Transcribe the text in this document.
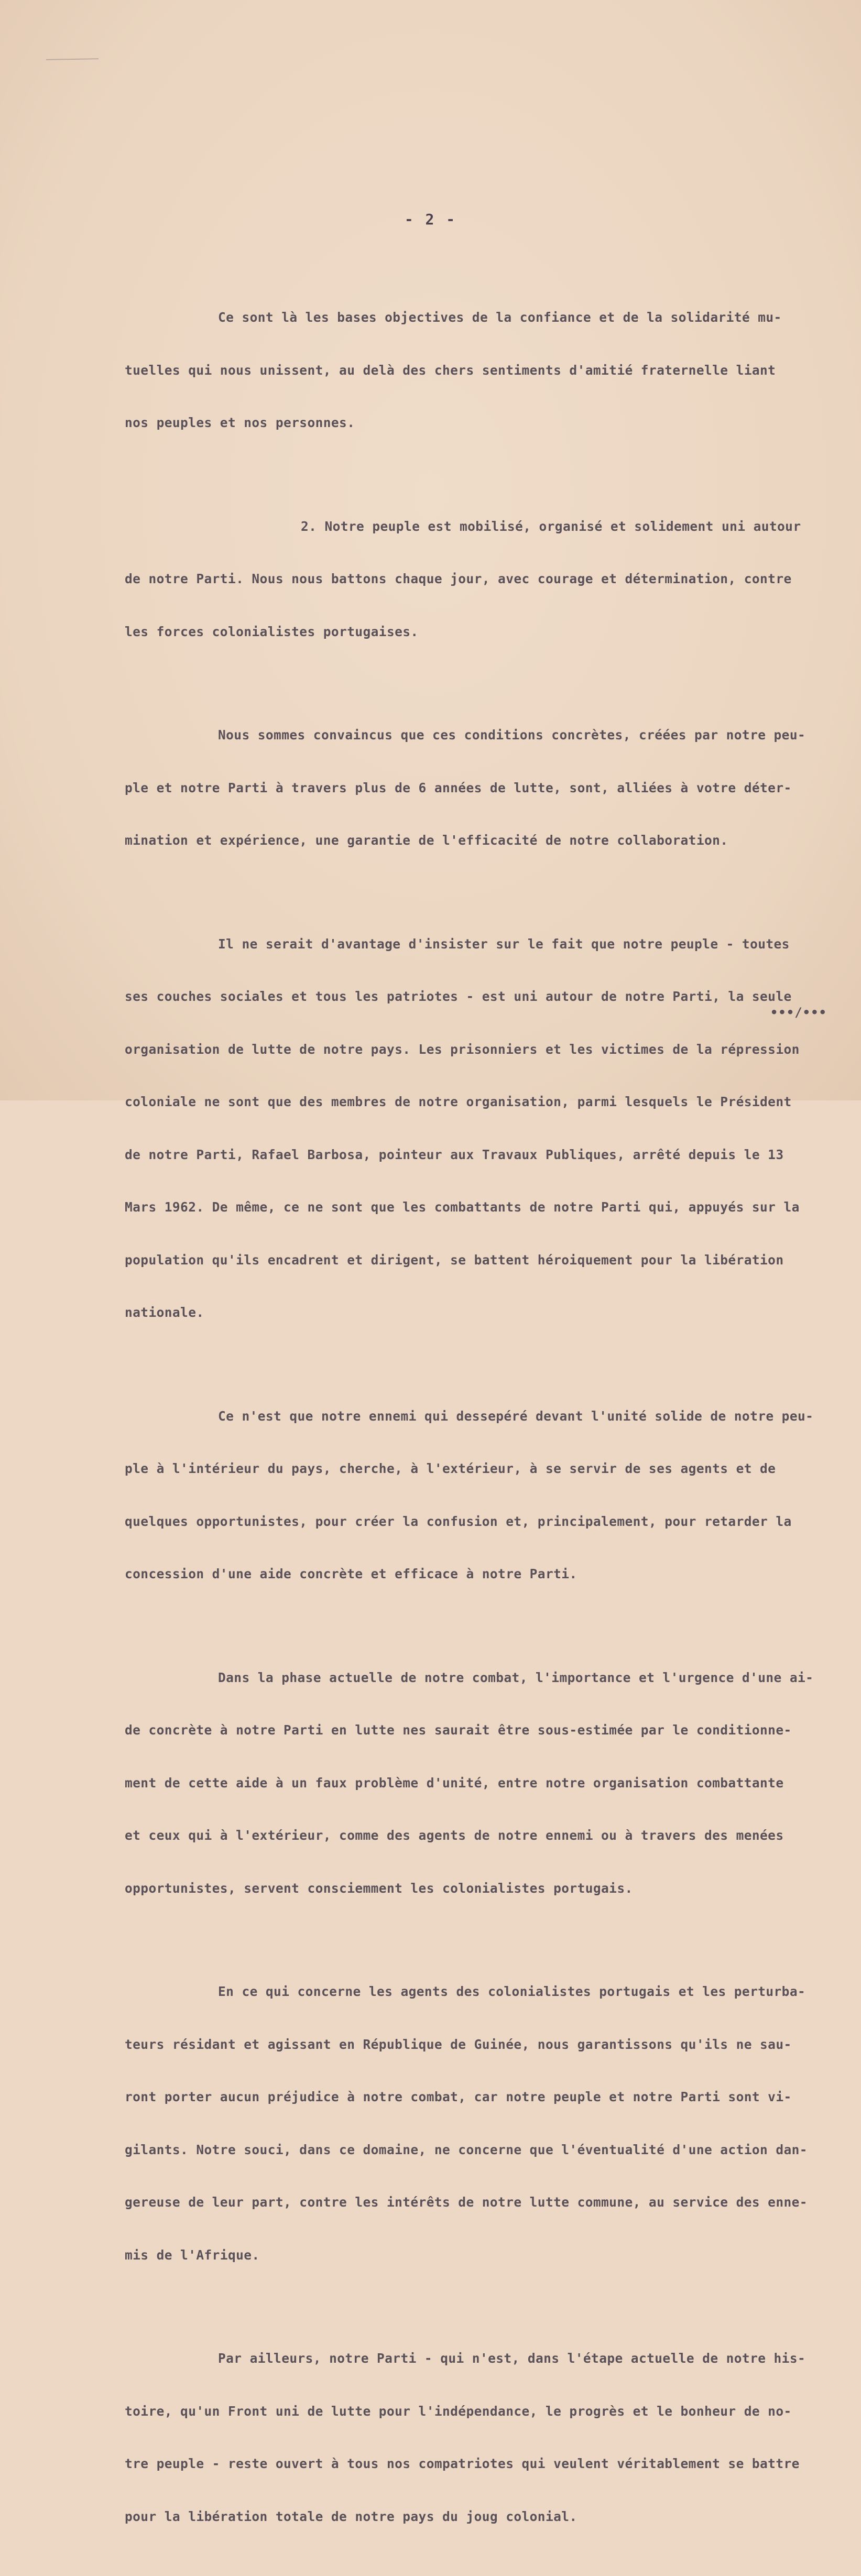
- 2 -

Ce sont là les bases objectives de la confiance et de la solidarité mu-

tuelles qui nous unissent, au delà des chers sentiments d'amitié fraternelle liant

nos peuples et nos personnes.

2. Notre peuple est mobilisé, organisé et solidement uni autour

de notre Parti. Nous nous battons chaque jour, avec courage et détermination, contre

les forces colonialistes portugaises.

Nous sommes convaincus que ces conditions concrètes, créées par notre peu-

ple et notre Parti à travers plus de 6 années de lutte, sont, alliées à votre déter-

mination et expérience, une garantie de l'efficacité de notre collaboration.

Il ne serait d'avantage d'insister sur le fait que notre peuple - toutes

ses couches sociales et tous les patriotes - est uni autour de notre Parti, la seule

organisation de lutte de notre pays. Les prisonniers et les victimes de la répression

coloniale ne sont que des membres de notre organisation, parmi lesquels le Président

de notre Parti, Rafael Barbosa, pointeur aux Travaux Publiques, arrêté depuis le 13

Mars 1962. De même, ce ne sont que les combattants de notre Parti qui, appuyés sur la

population qu'ils encadrent et dirigent, se battent héroiquement pour la libération

nationale.

Ce n'est que notre ennemi qui dessepéré devant l'unité solide de notre peu-

ple à l'intérieur du pays, cherche, à l'extérieur, à se servir de ses agents et de

quelques opportunistes, pour créer la confusion et, principalement, pour retarder la

concession d'une aide concrète et efficace à notre Parti.

Dans la phase actuelle de notre combat, l'importance et l'urgence d'une ai-

de concrète à notre Parti en lutte nes saurait être sous-estimée par le conditionne-

ment de cette aide à un faux problème d'unité, entre notre organisation combattante

et ceux qui à l'extérieur, comme des agents de notre ennemi ou à travers des menées

opportunistes, servent consciemment les colonialistes portugais.

En ce qui concerne les agents des colonialistes portugais et les perturba-

teurs résidant et agissant en République de Guinée, nous garantissons qu'ils ne sau-

ront porter aucun préjudice à notre combat, car notre peuple et notre Parti sont vi-

gilants. Notre souci, dans ce domaine, ne concerne que l'éventualité d'une action dan-

gereuse de leur part, contre les intérêts de notre lutte commune, au service des enne-

mis de l'Afrique.

Par ailleurs, notre Parti - qui n'est, dans l'étape actuelle de notre his-

toire, qu'un Front uni de lutte pour l'indépendance, le progrès et le bonheur de no-

tre peuple - reste ouvert à tous nos compatriotes qui veulent véritablement se battre

pour la libération totale de notre pays du joug colonial.

•••/•••
